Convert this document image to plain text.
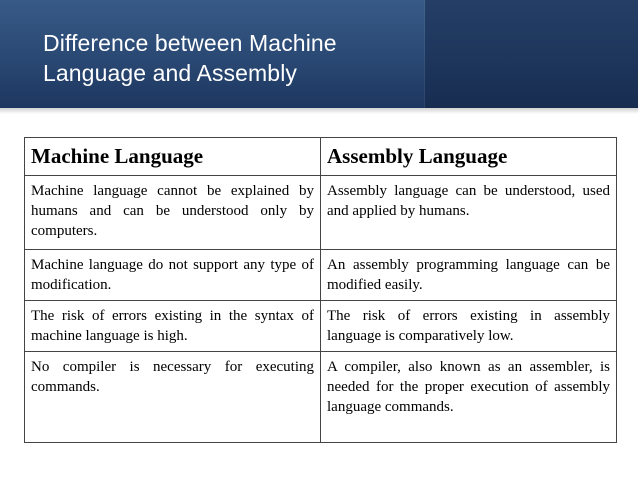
Difference between Machine Language and Assembly
Machine Language	Assembly Language
Machine language cannot be explained by humans and can be understood only by computers.	Assembly language can be understood, used and applied by humans.
Machine language do not support any type of modification.	An assembly programming language can be modified easily.
The risk of errors existing in the syntax of machine language is high.	The risk of errors existing in assembly language is comparatively low.
No compiler is necessary for executing commands.	A compiler, also known as an assembler, is needed for the proper execution of assembly language commands.
